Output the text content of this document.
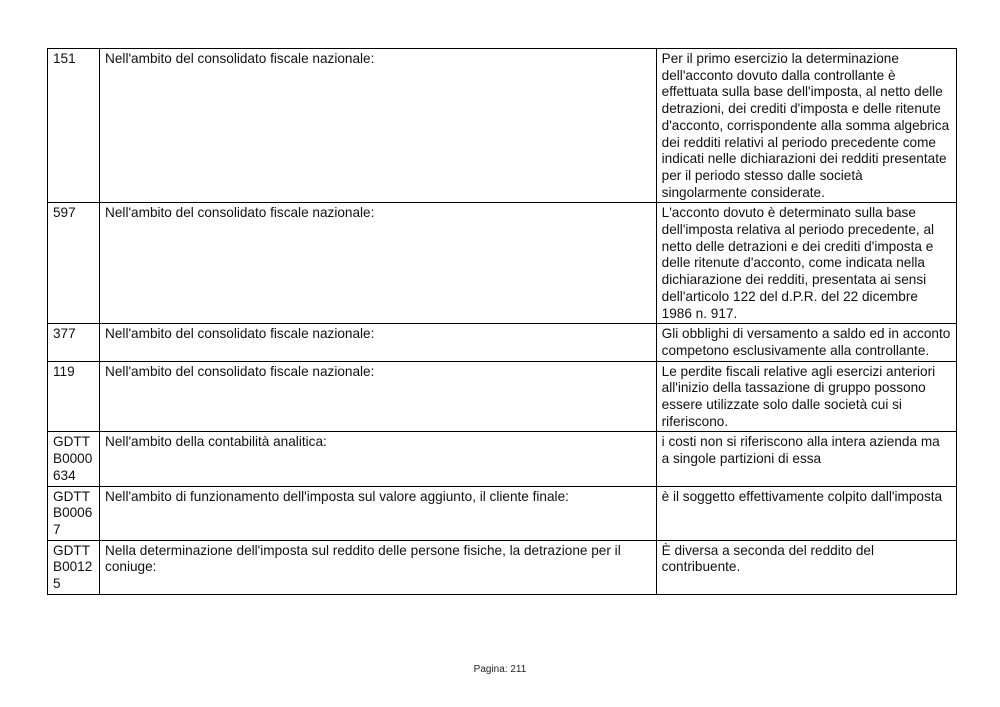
151	Nell'ambito del consolidato fiscale nazionale:	Per il primo esercizio la determinazione dell'acconto dovuto dalla controllante è effettuata sulla base dell'imposta, al netto delle detrazioni, dei crediti d'imposta e delle ritenute d'acconto, corrispondente alla somma algebrica dei redditi relativi al periodo precedente come indicati nelle dichiarazioni dei redditi presentate per il periodo stesso dalle società singolarmente considerate.
597	Nell'ambito del consolidato fiscale nazionale:	L'acconto dovuto è determinato sulla base dell'imposta relativa al periodo precedente, al netto delle detrazioni e dei crediti d'imposta e delle ritenute d'acconto, come indicata nella dichiarazione dei redditi, presentata ai sensi dell'articolo 122 del d.P.R. del 22 dicembre 1986 n. 917.
377	Nell'ambito del consolidato fiscale nazionale:	Gli obblighi di versamento a saldo ed in acconto competono esclusivamente alla controllante.
119	Nell'ambito del consolidato fiscale nazionale:	Le perdite fiscali relative agli esercizi anteriori all'inizio della tassazione di gruppo possono essere utilizzate solo dalle società cui si riferiscono.
GDTTB0000634	Nell'ambito della contabilità analitica:	i costi non si riferiscono alla intera azienda ma a singole partizioni di essa
GDTTB00067	Nell'ambito di funzionamento dell'imposta sul valore aggiunto, il cliente finale:	è il soggetto effettivamente colpito dall'imposta
GDTTB00125	Nella determinazione dell'imposta sul reddito delle persone fisiche, la detrazione per il coniuge:	È diversa a seconda del reddito del contribuente.
Pagina: 211
